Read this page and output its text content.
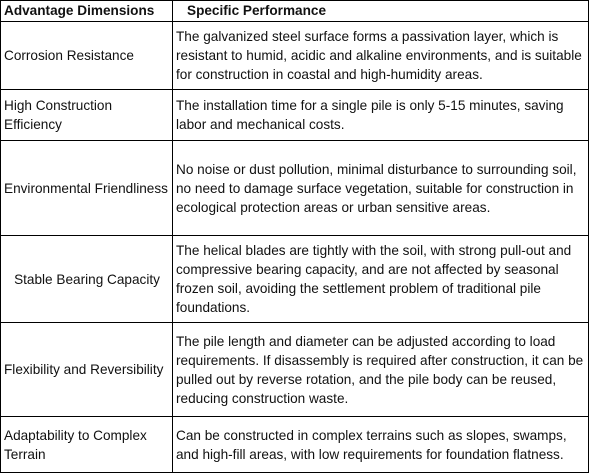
Advantage Dimensions	Specific Performance
Corrosion Resistance	The galvanized steel surface forms a passivation layer, which is resistant to humid, acidic and alkaline environments, and is suitable for construction in coastal and high-humidity areas.
High Construction Efficiency	The installation time for a single pile is only 5-15 minutes, saving labor and mechanical costs.
Environmental Friendliness	No noise or dust pollution, minimal disturbance to surrounding soil, no need to damage surface vegetation, suitable for construction in ecological protection areas or urban sensitive areas.
Stable Bearing Capacity	The helical blades are tightly with the soil, with strong pull-out and compressive bearing capacity, and are not affected by seasonal frozen soil, avoiding the settlement problem of traditional pile foundations.
Flexibility and Reversibility	The pile length and diameter can be adjusted according to load requirements. If disassembly is required after construction, it can be pulled out by reverse rotation, and the pile body can be reused, reducing construction waste.
Adaptability to Complex Terrain	Can be constructed in complex terrains such as slopes, swamps, and high-fill areas, with low requirements for foundation flatness.
